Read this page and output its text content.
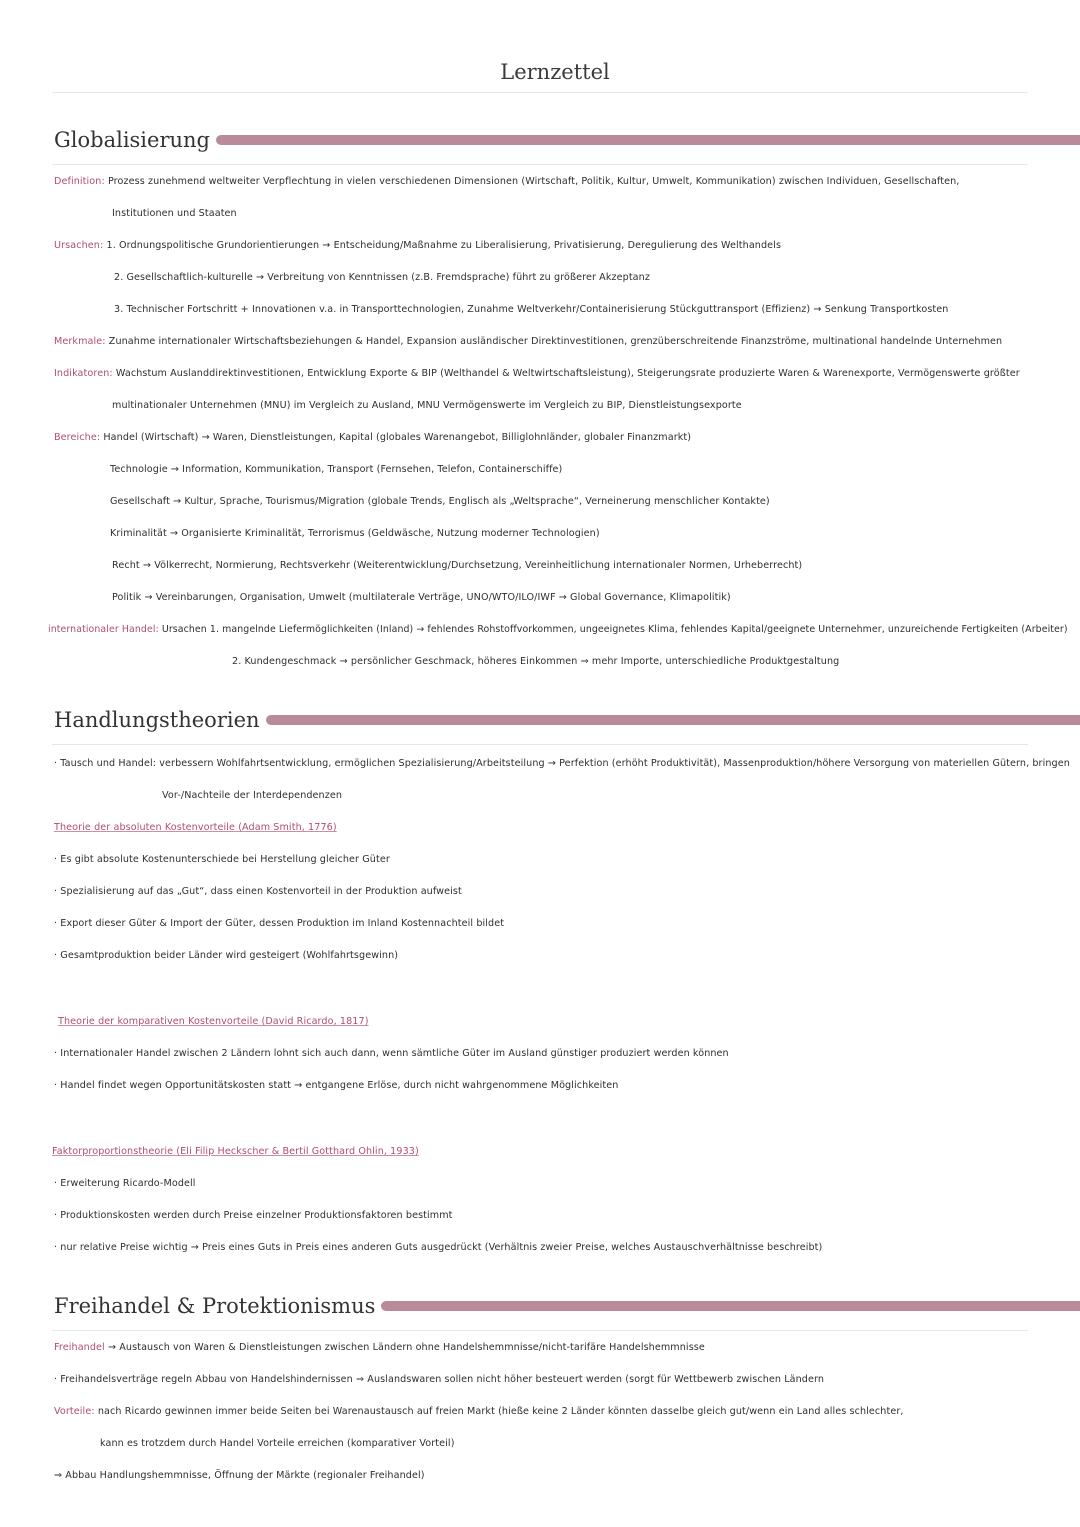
Lernzettel
Globalisierung
Definition: Prozess zunehmend weltweiter Verpflechtung in vielen verschiedenen Dimensionen (Wirtschaft, Politik, Kultur, Umwelt, Kommunikation) zwischen Individuen, Gesellschaften,
Institutionen und Staaten
Ursachen: 1. Ordnungspolitische Grundorientierungen → Entscheidung/Maßnahme zu Liberalisierung, Privatisierung, Deregulierung des Welthandels
2. Gesellschaftlich-kulturelle → Verbreitung von Kenntnissen (z.B. Fremdsprache) führt zu größerer Akzeptanz
3. Technischer Fortschritt + Innovationen v.a. in Transporttechnologien, Zunahme Weltverkehr/Containerisierung Stückguttransport (Effizienz) → Senkung Transportkosten
Merkmale: Zunahme internationaler Wirtschaftsbeziehungen & Handel, Expansion ausländischer Direktinvestitionen, grenzüberschreitende Finanzströme, multinational handelnde Unternehmen
Indikatoren: Wachstum Auslanddirektinvestitionen, Entwicklung Exporte & BIP (Welthandel & Weltwirtschaftsleistung), Steigerungsrate produzierte Waren & Warenexporte, Vermögenswerte größter
multinationaler Unternehmen (MNU) im Vergleich zu Ausland, MNU Vermögenswerte im Vergleich zu BIP, Dienstleistungsexporte
Bereiche: Handel (Wirtschaft) → Waren, Dienstleistungen, Kapital (globales Warenangebot, Billiglohnländer, globaler Finanzmarkt)
Technologie → Information, Kommunikation, Transport (Fernsehen, Telefon, Containerschiffe)
Gesellschaft → Kultur, Sprache, Tourismus/Migration (globale Trends, Englisch als „Weltsprache“, Verneinerung menschlicher Kontakte)
Kriminalität → Organisierte Kriminalität, Terrorismus (Geldwäsche, Nutzung moderner Technologien)
Recht → Völkerrecht, Normierung, Rechtsverkehr (Weiterentwicklung/Durchsetzung, Vereinheitlichung internationaler Normen, Urheberrecht)
Politik → Vereinbarungen, Organisation, Umwelt (multilaterale Verträge, UNO/WTO/ILO/IWF → Global Governance, Klimapolitik)
internationaler Handel: Ursachen 1. mangelnde Liefermöglichkeiten (Inland) → fehlendes Rohstoffvorkommen, ungeeignetes Klima, fehlendes Kapital/geeignete Unternehmer, unzureichende Fertigkeiten (Arbeiter)
2. Kundengeschmack → persönlicher Geschmack, höheres Einkommen ⇒ mehr Importe, unterschiedliche Produktgestaltung
Handlungstheorien
· Tausch und Handel: verbessern Wohlfahrtsentwicklung, ermöglichen Spezialisierung/Arbeitsteilung → Perfektion (erhöht Produktivität), Massenproduktion/höhere Versorgung von materiellen Gütern, bringen
Vor-/Nachteile der Interdependenzen
Theorie der absoluten Kostenvorteile (Adam Smith, 1776)
· Es gibt absolute Kostenunterschiede bei Herstellung gleicher Güter
· Spezialisierung auf das „Gut“, dass einen Kostenvorteil in der Produktion aufweist
· Export dieser Güter & Import der Güter, dessen Produktion im Inland Kostennachteil bildet
· Gesamtproduktion beider Länder wird gesteigert (Wohlfahrtsgewinn)
Theorie der komparativen Kostenvorteile (David Ricardo, 1817)
· Internationaler Handel zwischen 2 Ländern lohnt sich auch dann, wenn sämtliche Güter im Ausland günstiger produziert werden können
· Handel findet wegen Opportunitätskosten statt → entgangene Erlöse, durch nicht wahrgenommene Möglichkeiten
Faktorproportionstheorie (Eli Filip Heckscher & Bertil Gotthard Ohlin, 1933)
· Erweiterung Ricardo-Modell
· Produktionskosten werden durch Preise einzelner Produktionsfaktoren bestimmt
· nur relative Preise wichtig → Preis eines Guts in Preis eines anderen Guts ausgedrückt (Verhältnis zweier Preise, welches Austauschverhältnisse beschreibt)
Freihandel & Protektionismus
Freihandel → Austausch von Waren & Dienstleistungen zwischen Ländern ohne Handelshemmnisse/nicht-tarifäre Handelshemmnisse
· Freihandelsverträge regeln Abbau von Handelshindernissen ⇒ Auslandswaren sollen nicht höher besteuert werden (sorgt für Wettbewerb zwischen Ländern
Vorteile: nach Ricardo gewinnen immer beide Seiten bei Warenaustausch auf freien Markt (hieße keine 2 Länder könnten dasselbe gleich gut/wenn ein Land alles schlechter,
kann es trotzdem durch Handel Vorteile erreichen (komparativer Vorteil)
⇒ Abbau Handlungshemmnisse, Öffnung der Märkte (regionaler Freihandel)
